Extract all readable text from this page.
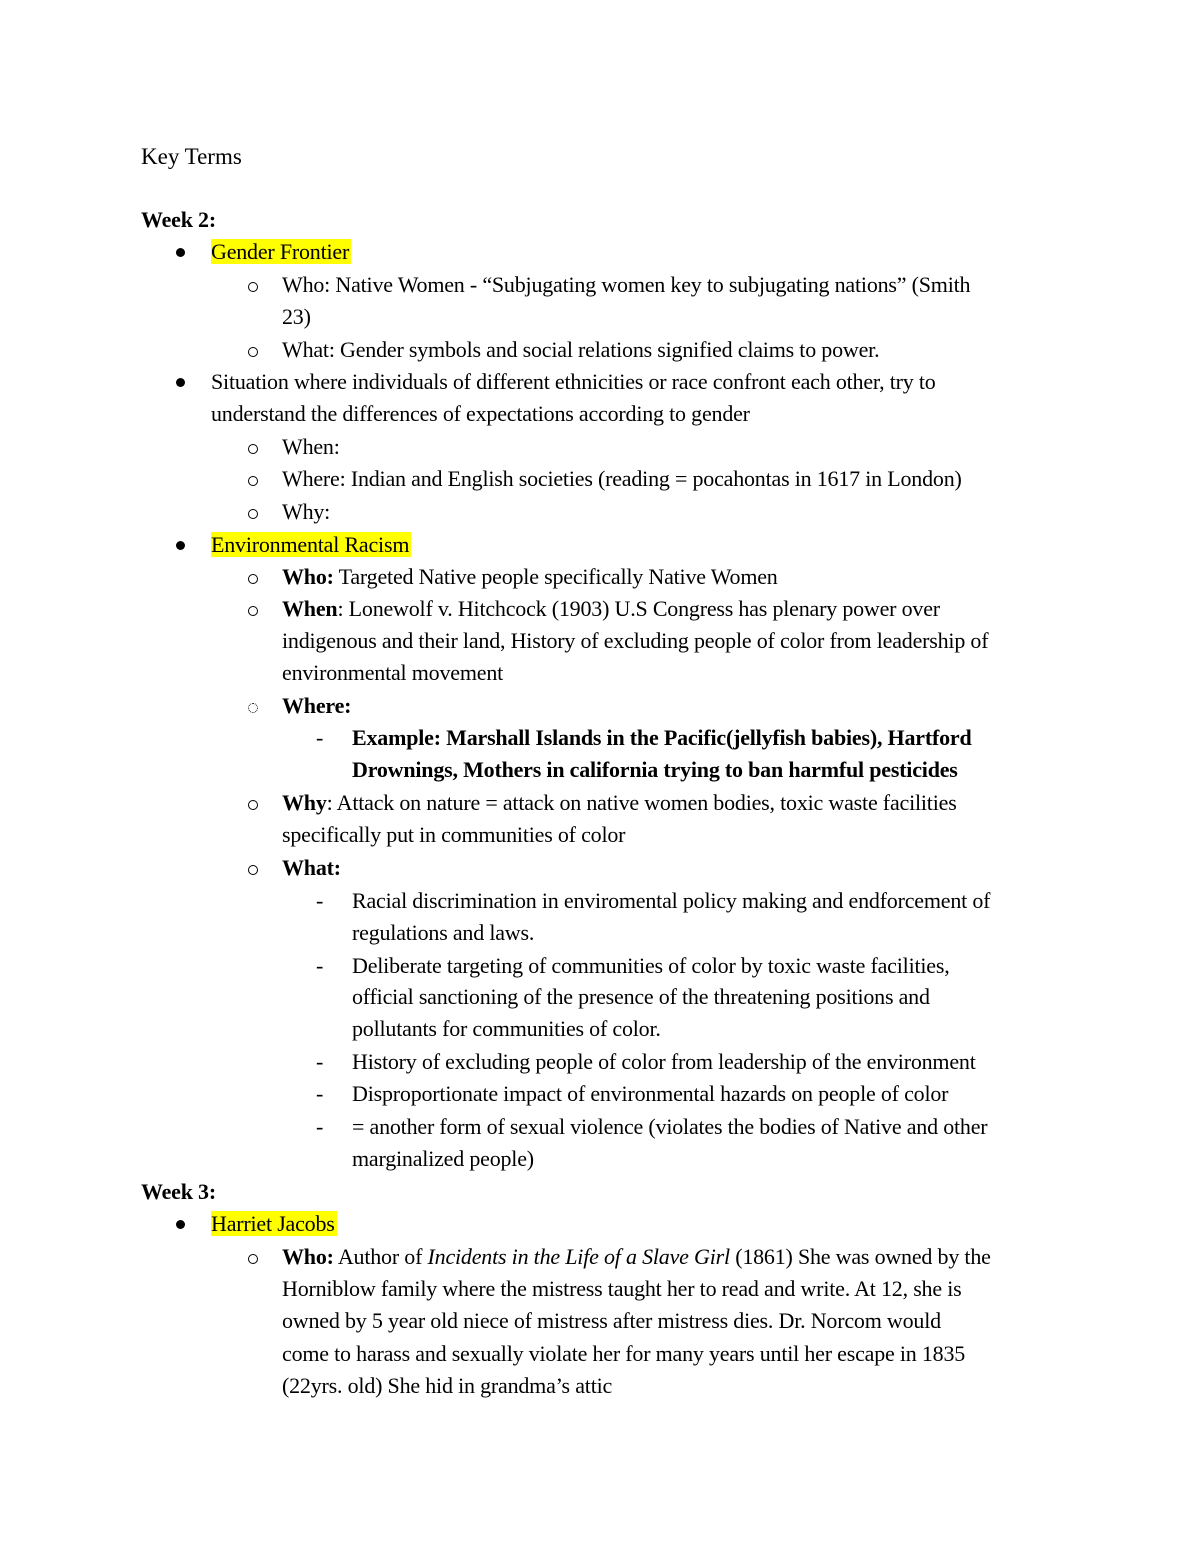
Key Terms
Week 2:
Gender Frontier
Who: Native Women - “Subjugating women key to subjugating nations” (Smith
23)
What: Gender symbols and social relations signified claims to power.
Situation where individuals of different ethnicities or race confront each other, try to
understand the differences of expectations according to gender
When:
Where: Indian and English societies (reading = pocahontas in 1617 in London)
Why:
Environmental Racism
Who: Targeted Native people specifically Native Women
When: Lonewolf v. Hitchcock (1903) U.S Congress has plenary power over
indigenous and their land, History of excluding people of color from leadership of
environmental movement
Where:
- Example: Marshall Islands in the Pacific(jellyfish babies), Hartford
Drownings, Mothers in california trying to ban harmful pesticides
Why: Attack on nature = attack on native women bodies, toxic waste facilities
specifically put in communities of color
What:
- Racial discrimination in enviromental policy making and endforcement of
regulations and laws.
- Deliberate targeting of communities of color by toxic waste facilities,
official sanctioning of the presence of the threatening positions and
pollutants for communities of color.
- History of excluding people of color from leadership of the environment
- Disproportionate impact of environmental hazards on people of color
- = another form of sexual violence (violates the bodies of Native and other
marginalized people)
Week 3:
Harriet Jacobs
Who: Author of Incidents in the Life of a Slave Girl (1861) She was owned by the
Horniblow family where the mistress taught her to read and write. At 12, she is
owned by 5 year old niece of mistress after mistress dies. Dr. Norcom would
come to harass and sexually violate her for many years until her escape in 1835
(22yrs. old) She hid in grandma’s attic
